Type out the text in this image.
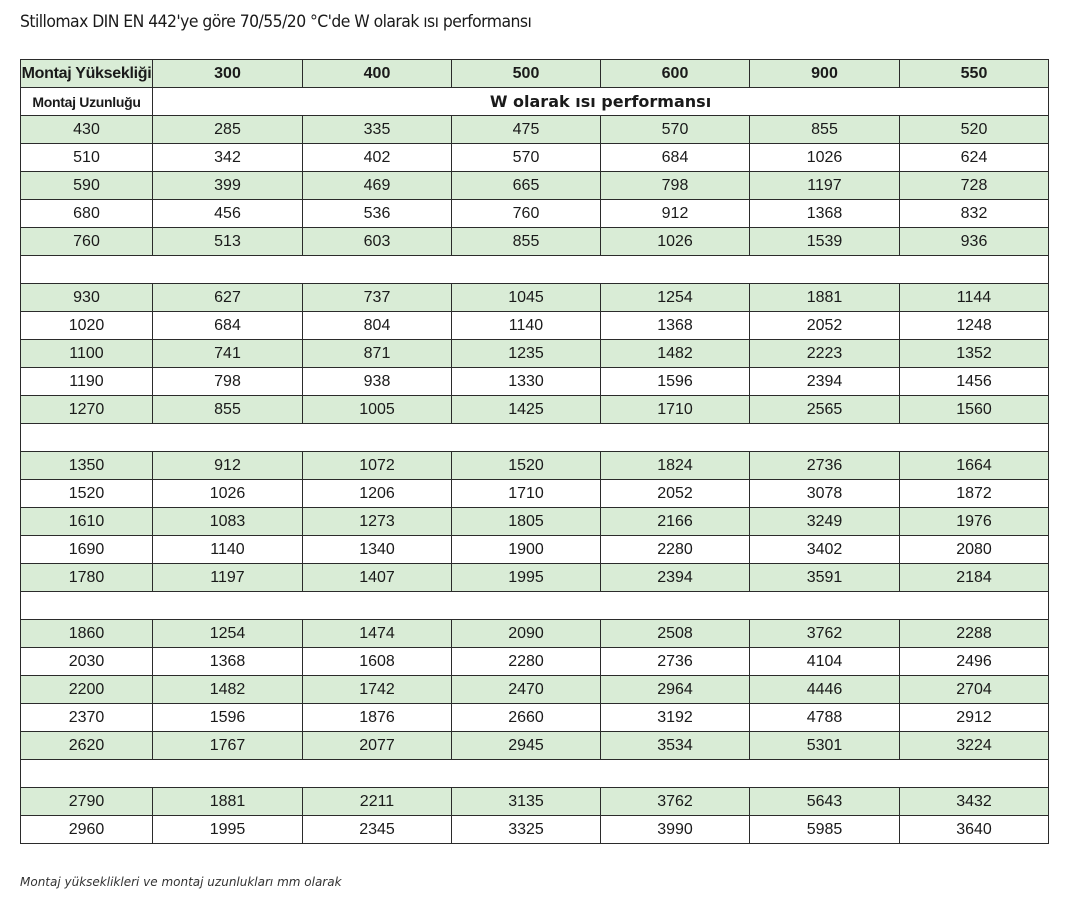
Stillomax DIN EN 442'ye göre 70/55/20 °C'de W olarak ısı performansı
Montaj Yüksekliği	300	400	500	600	900	550
Montaj Uzunluğu	W olarak ısı performansı					
430	285	335	475	570	855	520
510	342	402	570	684	1026	624
590	399	469	665	798	1197	728
680	456	536	760	912	1368	832
760	513	603	855	1026	1539	936

930	627	737	1045	1254	1881	1144
1020	684	804	1140	1368	2052	1248
1100	741	871	1235	1482	2223	1352
1190	798	938	1330	1596	2394	1456
1270	855	1005	1425	1710	2565	1560

1350	912	1072	1520	1824	2736	1664
1520	1026	1206	1710	2052	3078	1872
1610	1083	1273	1805	2166	3249	1976
1690	1140	1340	1900	2280	3402	2080
1780	1197	1407	1995	2394	3591	2184

1860	1254	1474	2090	2508	3762	2288
2030	1368	1608	2280	2736	4104	2496
2200	1482	1742	2470	2964	4446	2704
2370	1596	1876	2660	3192	4788	2912
2620	1767	2077	2945	3534	5301	3224

2790	1881	2211	3135	3762	5643	3432
2960	1995	2345	3325	3990	5985	3640
Montaj yükseklikleri ve montaj uzunlukları mm olarak
